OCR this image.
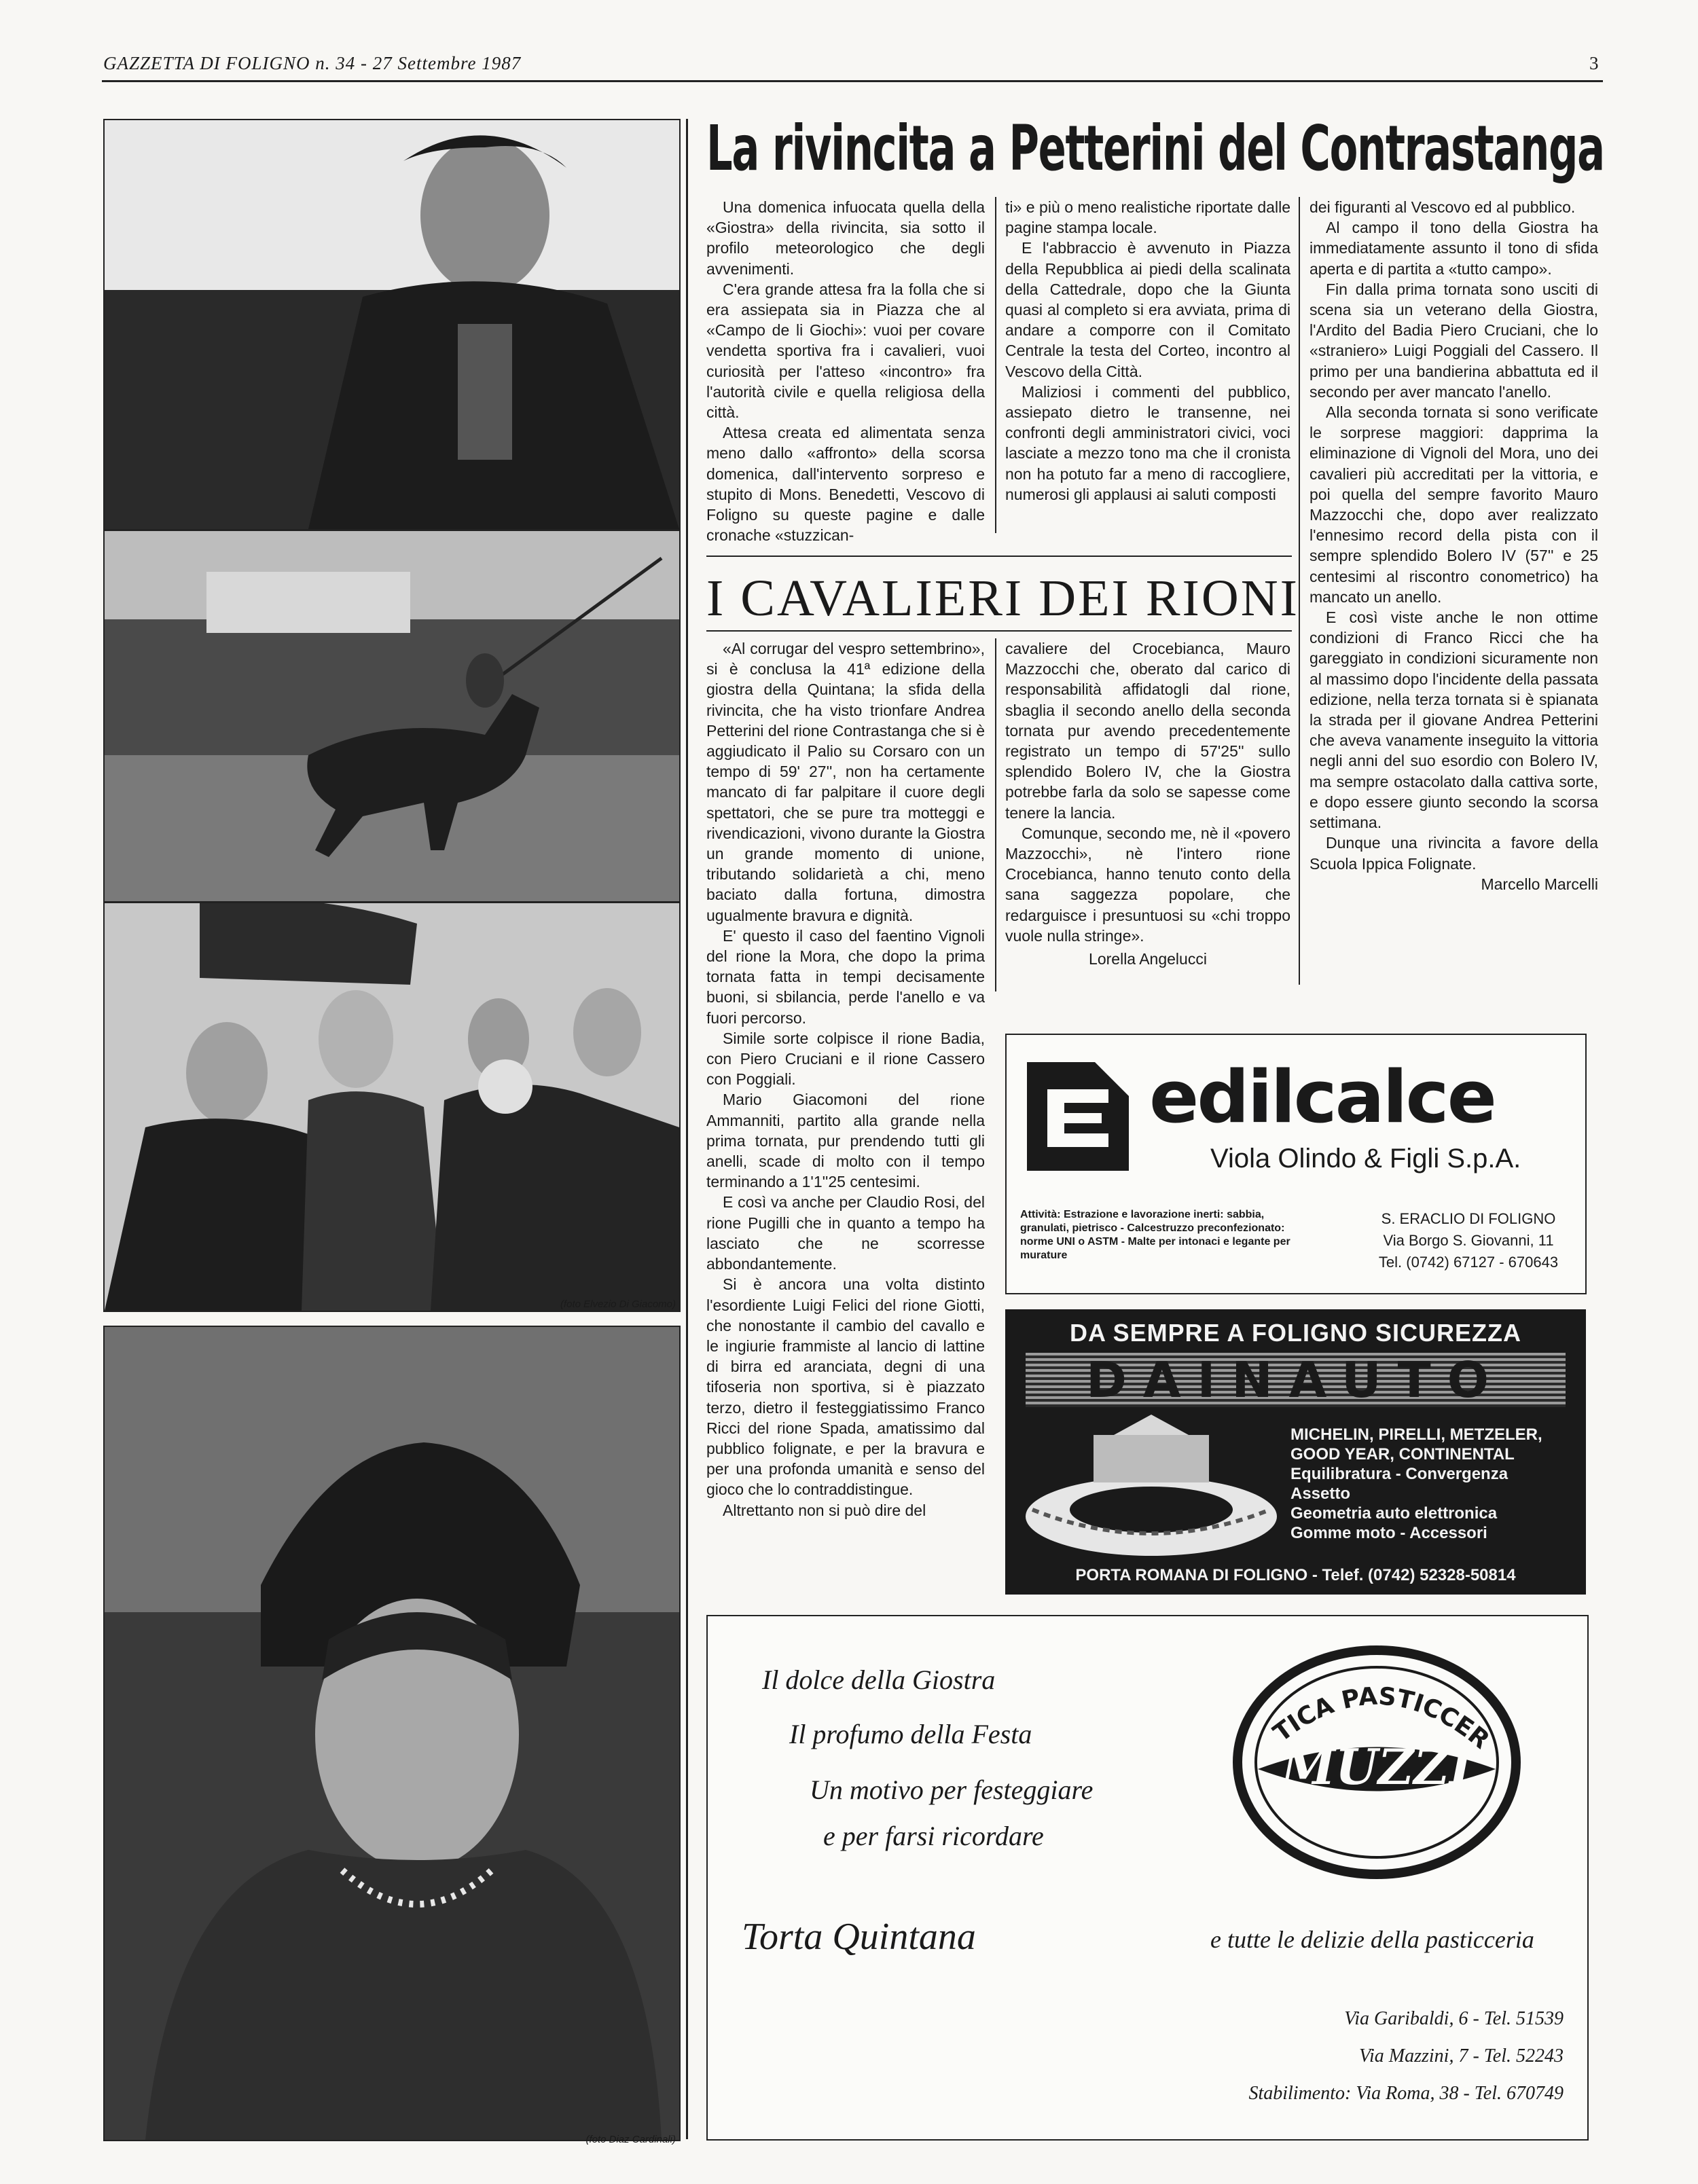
GAZZETTA DI FOLIGNO n. 34 - 27 Settembre 1987	3
(foto Elvezio Di Giacomo)
(foto Diaz Cardinali)
La rivincita a Petterini del Contrastanga

Una domenica infuocata quella della «Giostra» della rivincita, sia sotto il profilo meteorologico che degli avvenimenti.

C'era grande attesa fra la folla che si era assiepata sia in Piazza che al «Campo de li Giochi»: vuoi per covare vendetta sportiva fra i cavalieri, vuoi curiosità per l'atteso «incontro» fra l'autorità civile e quella religiosa della città.

Attesa creata ed alimentata senza meno dallo «affronto» della scorsa domenica, dall'intervento sorpreso e stupito di Mons. Benedetti, Vescovo di Foligno su queste pagine e dalle cronache «stuzzican-

ti» e più o meno realistiche riportate dalle pagine stampa locale.

E l'abbraccio è avvenuto in Piazza della Repubblica ai piedi della scalinata della Cattedrale, dopo che la Giunta quasi al completo si era avviata, prima di andare a comporre con il Comitato Centrale la testa del Corteo, incontro al Vescovo della Città.

Maliziosi i commenti del pubblico, assiepato dietro le transenne, nei confronti degli amministratori civici, voci lasciate a mezzo tono ma che il cronista non ha potuto far a meno di raccogliere, numerosi gli applausi ai saluti composti

dei figuranti al Vescovo ed al pubblico.

Al campo il tono della Giostra ha immediatamente assunto il tono di sfida aperta e di partita a «tutto campo».

Fin dalla prima tornata sono usciti di scena sia un veterano della Giostra, l'Ardito del Badia Piero Cruciani, che lo «straniero» Luigi Poggiali del Cassero. Il primo per una bandierina abbattuta ed il secondo per aver mancato l'anello.

Alla seconda tornata si sono verificate le sorprese maggiori: dapprima la eliminazione di Vignoli del Mora, uno dei cavalieri più accreditati per la vittoria, e poi quella del sempre favorito Mauro Mazzocchi che, dopo aver realizzato l'ennesimo record della pista con il sempre splendido Bolero IV (57'' e 25 centesimi al riscontro conometrico) ha mancato un anello.

E così viste anche le non ottime condizioni di Franco Ricci che ha gareggiato in condizioni sicuramente non al massimo dopo l'incidente della passata edizione, nella terza tornata si è spianata la strada per il giovane Andrea Petterini che aveva vanamente inseguito la vittoria negli anni del suo esordio con Bolero IV, ma sempre ostacolato dalla cattiva sorte, e dopo essere giunto secondo la scorsa settimana.

Dunque una rivincita a favore della Scuola Ippica Folignate.

Marcello Marcelli
I CAVALIERI DEI RIONI

«Al corrugar del vespro settembrino», si è conclusa la 41ª edizione della giostra della Quintana; la sfida della rivincita, che ha visto trionfare Andrea Petterini del rione Contrastanga che si è aggiudicato il Palio su Corsaro con un tempo di 59' 27'', non ha certamente mancato di far palpitare il cuore degli spettatori, che se pure tra motteggi e rivendicazioni, vivono durante la Giostra un grande momento di unione, tributando solidarietà a chi, meno baciato dalla fortuna, dimostra ugualmente bravura e dignità.

E' questo il caso del faentino Vignoli del rione la Mora, che dopo la prima tornata fatta in tempi decisamente buoni, si sbilancia, perde l'anello e va fuori percorso.

Simile sorte colpisce il rione Badia, con Piero Cruciani e il rione Cassero con Poggiali.

Mario Giacomoni del rione Ammanniti, partito alla grande nella prima tornata, pur prendendo tutti gli anelli, scade di molto con il tempo terminando a 1'1''25 centesimi.

E così va anche per Claudio Rosi, del rione Pugilli che in quanto a tempo ha lasciato che ne scorresse abbondantemente.

Si è ancora una volta distinto l'esordiente Luigi Felici del rione Giotti, che nonostante il cambio del cavallo e le ingiurie frammiste al lancio di lattine di birra ed aranciata, degni di una tifoseria non sportiva, si è piazzato terzo, dietro il festeggiatissimo Franco Ricci del rione Spada, amatissimo dal pubblico folignate, e per la bravura e per una profonda umanità e senso del gioco che lo contraddistingue.

Altrettanto non si può dire del

cavaliere del Crocebianca, Mauro Mazzocchi che, oberato dal carico di responsabilità affidatogli dal rione, sbaglia il secondo anello della seconda tornata pur avendo precedentemente registrato un tempo di 57'25'' sullo splendido Bolero IV, che la Giostra potrebbe farla da solo se sapesse come tenere la lancia.

Comunque, secondo me, nè il «povero Mazzocchi», nè l'intero rione Crocebianca, hanno tenuto conto della sana saggezza popolare, che redarguisce i presuntuosi su «chi troppo vuole nulla stringe».

Lorella Angelucci
edilcalce
Viola Olindo & Figli S.p.A.
Attività: Estrazione e lavorazione inerti: sabbia, granulati, pietrisco - Calcestruzzo preconfezionato: norme UNI o ASTM - Malte per intonaci e legante per murature
S. ERACLIO DI FOLIGNO
Via Borgo S. Giovanni, 11
Tel. (0742) 67127 - 670643
DA SEMPRE A FOLIGNO SICUREZZA
DAINAUTO
MICHELIN, PIRELLI, METZELER,
GOOD YEAR, CONTINENTAL
Equilibratura - Convergenza
Assetto
Geometria auto elettronica
Gomme moto - Accessori
PORTA ROMANA DI FOLIGNO - Telef. (0742) 52328-50814
Il dolce della Giostra
Il profumo della Festa
Un motivo per festeggiare
e per farsi ricordare
Torta Quintana
TICA PASTICCER
MUZZI
e tutte le delizie della pasticceria
Via Garibaldi, 6 - Tel. 51539
Via Mazzini, 7 - Tel. 52243
Stabilimento: Via Roma, 38 - Tel. 670749
